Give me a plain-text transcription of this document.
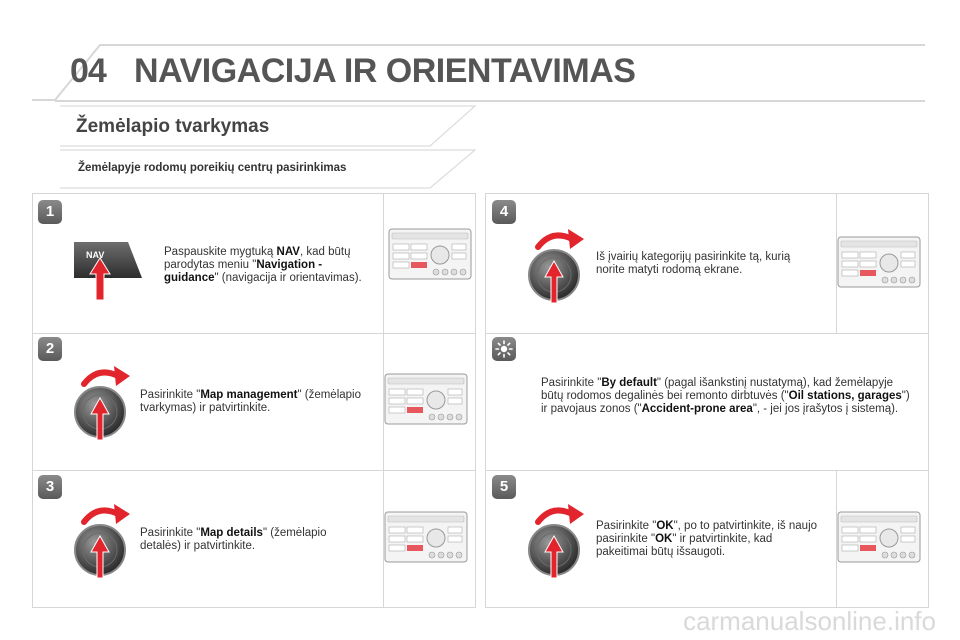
04 NAVIGACIJA IR ORIENTAVIMAS
Žemėlapio tvarkymas
Žemėlapyje rodomų poreikių centrų pasirinkimas
1
2
3
4
5
NAV	Paspauskite mygtuką NAV, kad būtų parodytas meniu "Navigation - guidance" (navigacija ir orientavimas).
Pasirinkite "Map management" (žemėlapio tvarkymas) ir patvirtinkite.
Pasirinkite "Map details" (žemėlapio detalės) ir patvirtinkite.
Iš įvairių kategorijų pasirinkite tą, kurią norite matyti rodomą ekrane.
Pasirinkite "By default" (pagal išankstinį nustatymą), kad žemėlapyje būtų rodomos degalinės bei remonto dirbtuvės ("Oil stations, garages") ir pavojaus zonos ("Accident-prone area", - jei jos įrašytos į sistemą).
Pasirinkite "OK", po to patvirtinkite, iš naujo pasirinkite "OK" ir patvirtinkite, kad pakeitimai būtų išsaugoti.
carmanualsonline.info
